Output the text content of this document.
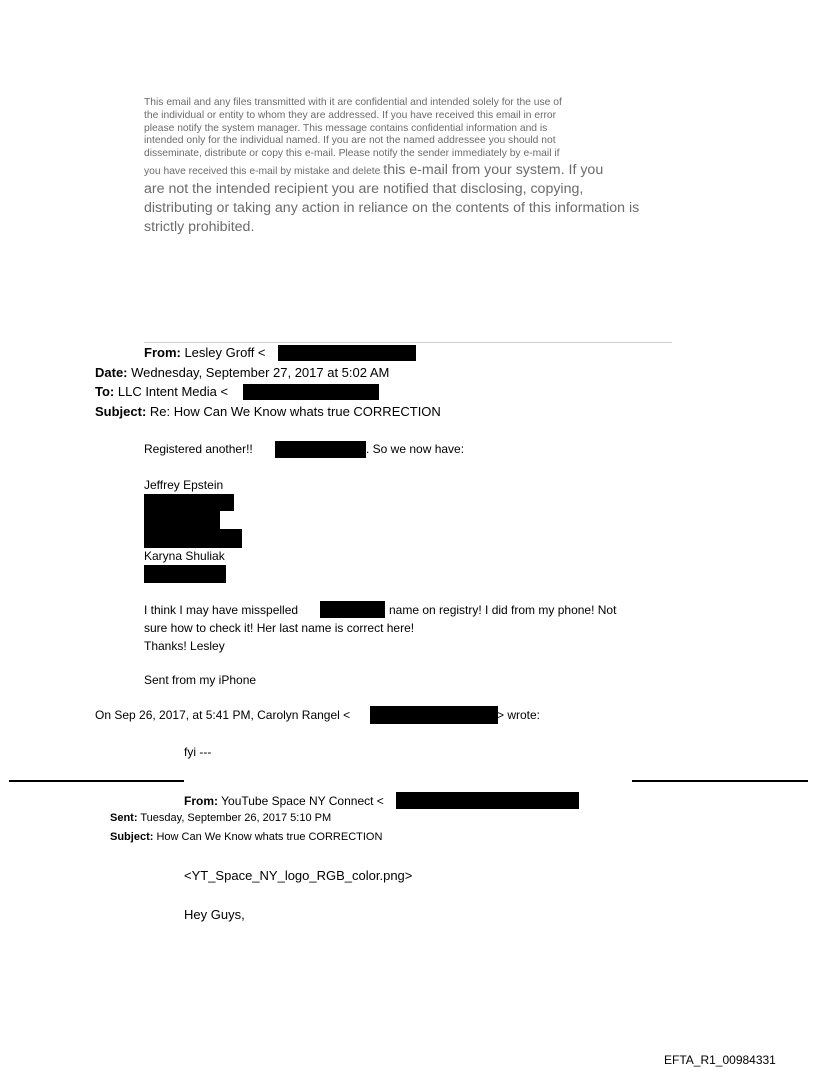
This email and any files transmitted with it are confidential and intended solely for the use of
the individual or entity to whom they are addressed. If you have received this email in error
please notify the system manager. This message contains confidential information and is
intended only for the individual named. If you are not the named addressee you should not
disseminate, distribute or copy this e-mail. Please notify the sender immediately by e-mail if
you have received this e-mail by mistake and delete this e-mail from your system. If you
are not the intended recipient you are notified that disclosing, copying,
distributing or taking any action in reliance on the contents of this information is
strictly prohibited.
From: Lesley Groff <
Date: Wednesday, September 27, 2017 at 5:02 AM
To: LLC Intent Media <
Subject: Re: How Can We Know whats true CORRECTION
Registered another!!	. So we now have:
Jeffrey Epstein
Karyna Shuliak
I think I may have misspelled	name on registry! I did from my phone! Not
sure how to check it! Her last name is correct here!
Thanks! Lesley
Sent from my iPhone
On Sep 26, 2017, at 5:41 PM, Carolyn Rangel <	> wrote:
fyi ---
From: YouTube Space NY Connect <
Sent: Tuesday, September 26, 2017 5:10 PM
Subject: How Can We Know whats true CORRECTION
<YT_Space_NY_logo_RGB_color.png>
Hey Guys,
EFTA_R1_00984331
